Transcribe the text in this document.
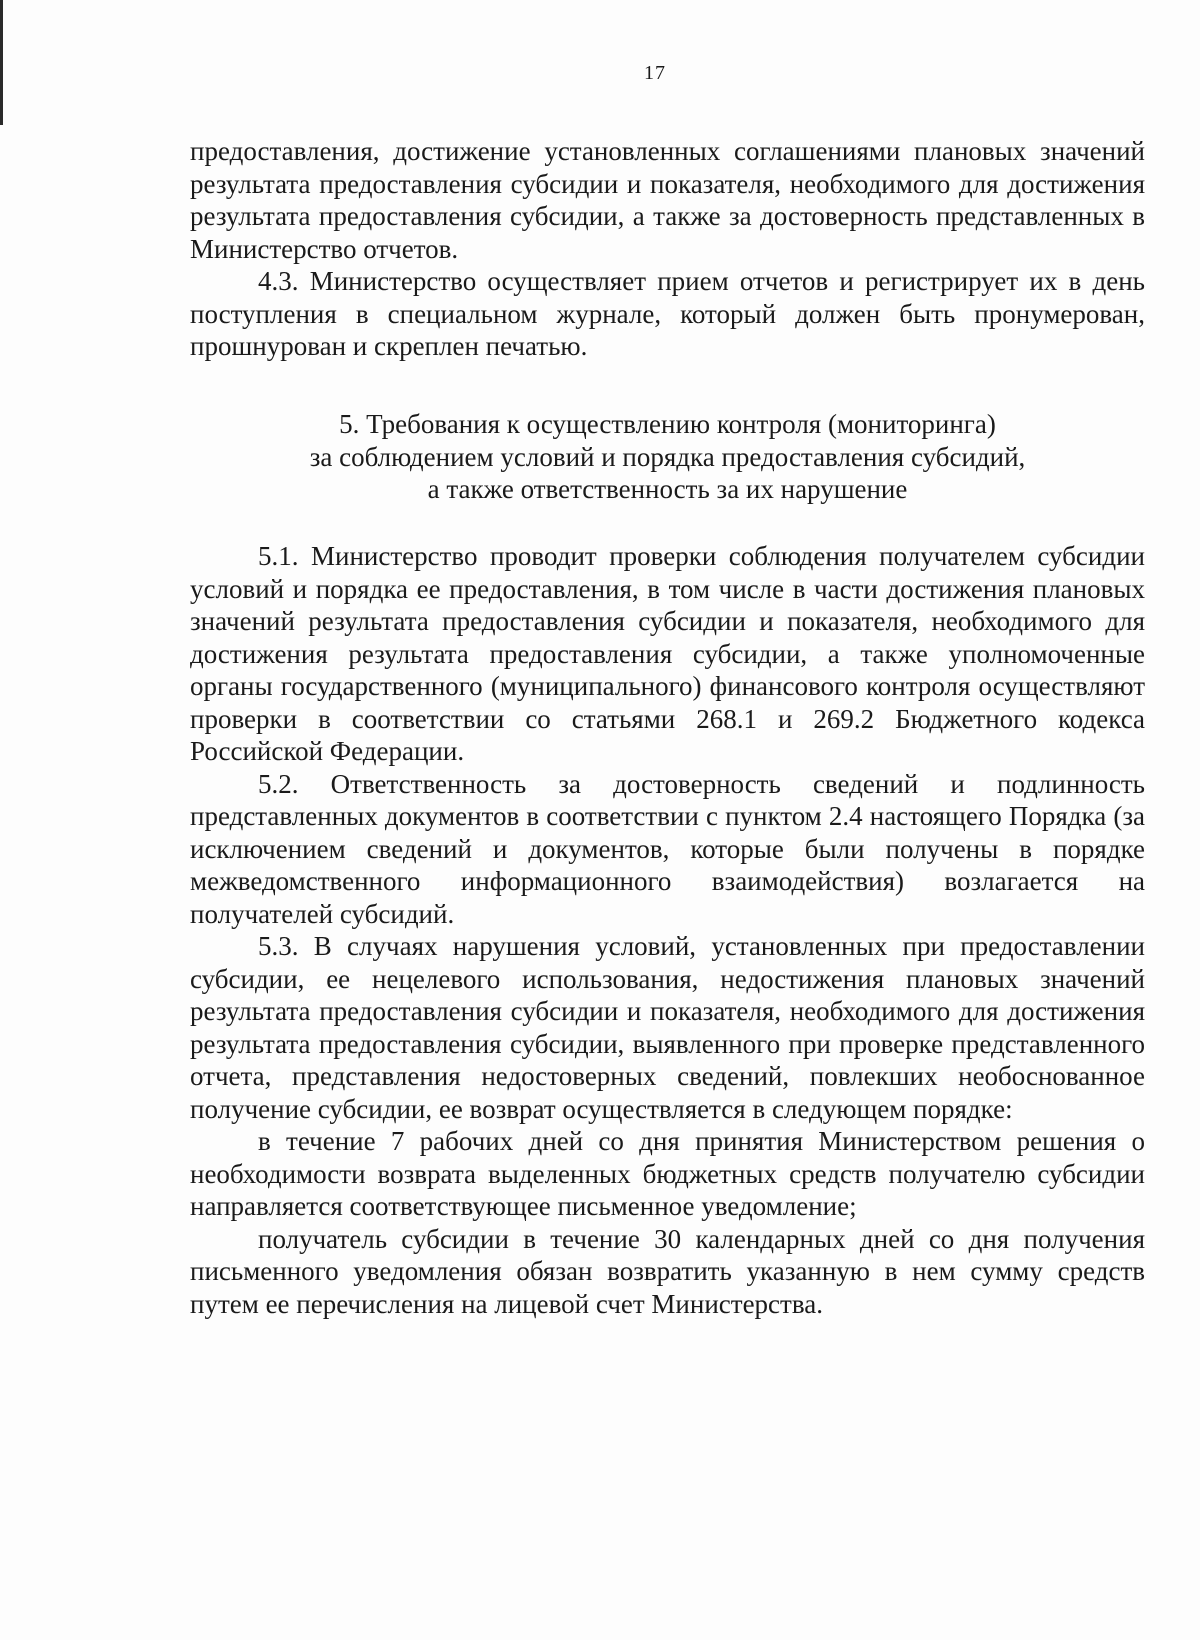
17

предоставления, достижение установленных соглашениями плановых значений результата предоставления субсидии и показателя, необходимого для достижения результата предоставления субсидии, а также за достоверность представленных в Министерство отчетов.

4.3. Министерство осуществляет прием отчетов и регистрирует их в день поступления в специальном журнале, который должен быть пронумерован, прошнурован и скреплен печатью.

5. Требования к осуществлению контроля (мониторинга)
за соблюдением условий и порядка предоставления субсидий,
а также ответственность за их нарушение

5.1. Министерство проводит проверки соблюдения получателем субсидии условий и порядка ее предоставления, в том числе в части достижения плановых значений результата предоставления субсидии и показателя, необходимого для достижения результата предоставления субсидии, а также уполномоченные органы государственного (муниципального) финансового контроля осуществляют проверки в соответствии со статьями 268.1 и 269.2 Бюджетного кодекса Российской Федерации.

5.2. Ответственность за достоверность сведений и подлинность представленных документов в соответствии с пунктом 2.4 настоящего Порядка (за исключением сведений и документов, которые были получены в порядке межведомственного информационного взаимодействия) возлагается на получателей субсидий.

5.3. В случаях нарушения условий, установленных при предоставлении субсидии, ее нецелевого использования, недостижения плановых значений результата предоставления субсидии и показателя, необходимого для достижения результата предоставления субсидии, выявленного при проверке представленного отчета, представления недостоверных сведений, повлекших необоснованное получение субсидии, ее возврат осуществляется в следующем порядке:

в течение 7 рабочих дней со дня принятия Министерством решения о необходимости возврата выделенных бюджетных средств получателю субсидии направляется соответствующее письменное уведомление;

получатель субсидии в течение 30 календарных дней со дня получения письменного уведомления обязан возвратить указанную в нем сумму средств путем ее перечисления на лицевой счет Министерства.
